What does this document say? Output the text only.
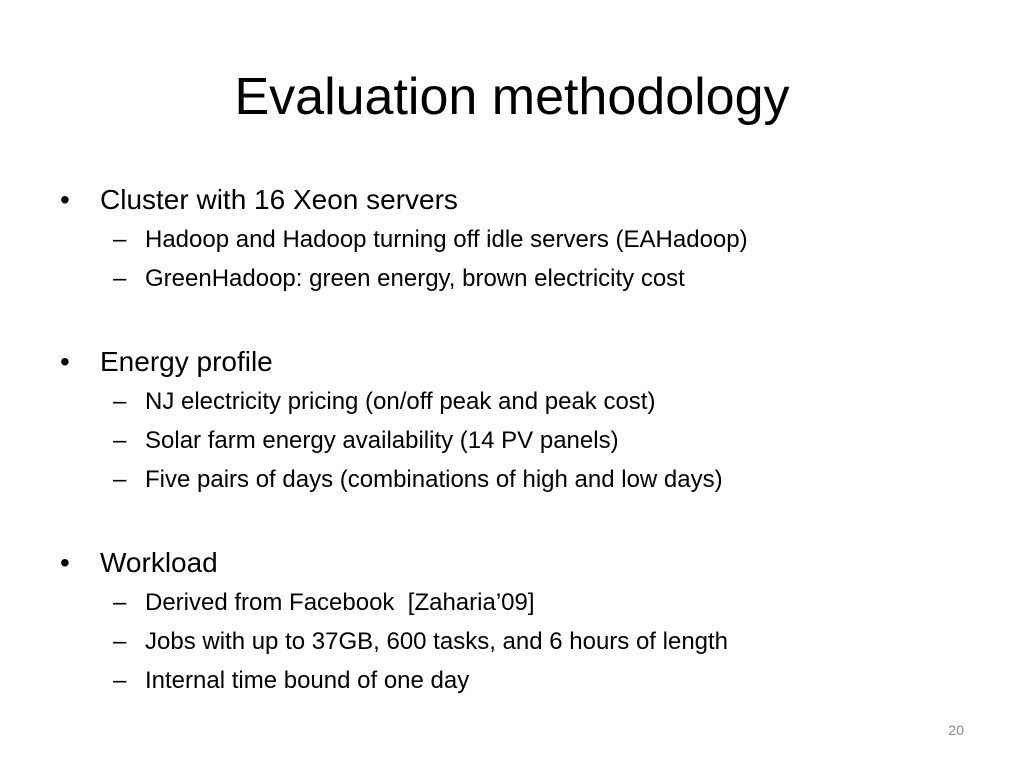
Evaluation methodology
• Cluster with 16 Xeon servers
– Hadoop and Hadoop turning off idle servers (EAHadoop)
– GreenHadoop: green energy, brown electricity cost
• Energy profile
– NJ electricity pricing (on/off peak and peak cost)
– Solar farm energy availability (14 PV panels)
– Five pairs of days (combinations of high and low days)
• Workload
– Derived from Facebook  [Zaharia’09]
– Jobs with up to 37GB, 600 tasks, and 6 hours of length
– Internal time bound of one day
20
